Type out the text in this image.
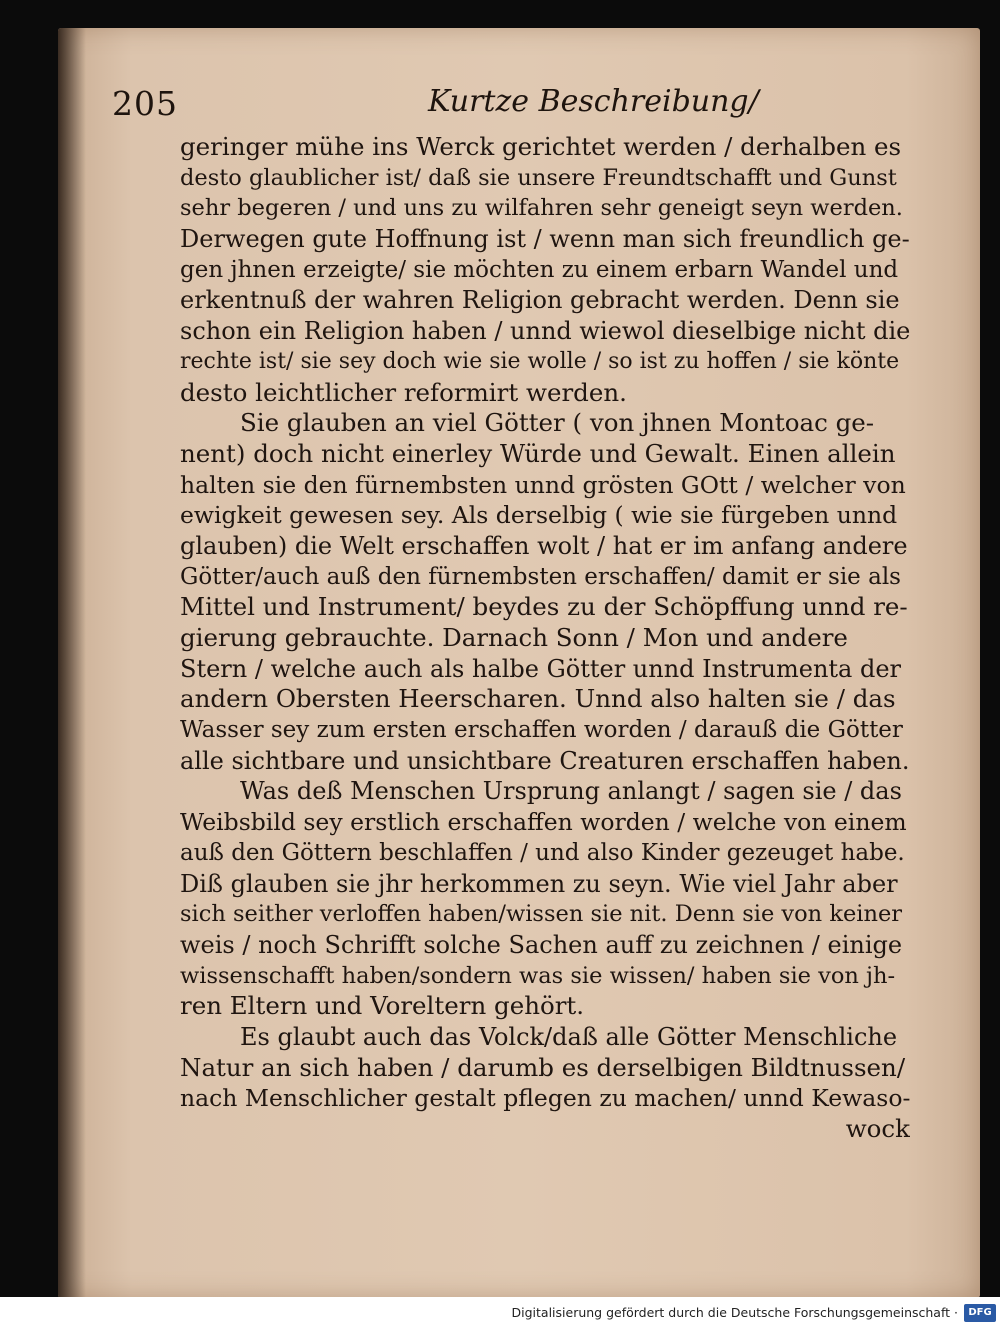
205	Kurtze Beschreibung/
geringer mühe ins Werck gerichtet werden / derhalben es
desto glaublicher ist/ daß sie unsere Freundtschafft und Gunst
sehr begeren / und uns zu wilfahren sehr geneigt seyn werden.
Derwegen gute Hoffnung ist / wenn man sich freundlich ge-
gen jhnen erzeigte/ sie möchten zu einem erbarn Wandel und
erkentnuß der wahren Religion gebracht werden. Denn sie
schon ein Religion haben / unnd wiewol dieselbige nicht die
rechte ist/ sie sey doch wie sie wolle / so ist zu hoffen / sie könte
desto leichtlicher reformirt werden.
Sie glauben an viel Götter ( von jhnen Montoac ge-
nent) doch nicht einerley Würde und Gewalt. Einen allein
halten sie den fürnembsten unnd grösten GOtt / welcher von
ewigkeit gewesen sey. Als derselbig ( wie sie fürgeben unnd
glauben) die Welt erschaffen wolt / hat er im anfang andere
Götter/auch auß den fürnembsten erschaffen/ damit er sie als
Mittel und Instrument/ beydes zu der Schöpffung unnd re-
gierung gebrauchte. Darnach Sonn / Mon und andere
Stern / welche auch als halbe Götter unnd Instrumenta der
andern Obersten Heerscharen. Unnd also halten sie / das
Wasser sey zum ersten erschaffen worden / darauß die Götter
alle sichtbare und unsichtbare Creaturen erschaffen haben.
Was deß Menschen Ursprung anlangt / sagen sie / das
Weibsbild sey erstlich erschaffen worden / welche von einem
auß den Göttern beschlaffen / und also Kinder gezeuget habe.
Diß glauben sie jhr herkommen zu seyn. Wie viel Jahr aber
sich seither verloffen haben/wissen sie nit. Denn sie von keiner
weis / noch Schrifft solche Sachen auff zu zeichnen / einige
wissenschafft haben/sondern was sie wissen/ haben sie von jh-
ren Eltern und Voreltern gehört.
Es glaubt auch das Volck/daß alle Götter Menschliche
Natur an sich haben / darumb es derselbigen Bildtnussen/
nach Menschlicher gestalt pflegen zu machen/ unnd Kewaso-
wock
Digitalisierung gefördert durch die Deutsche Forschungsgemeinschaft ·	DFG
